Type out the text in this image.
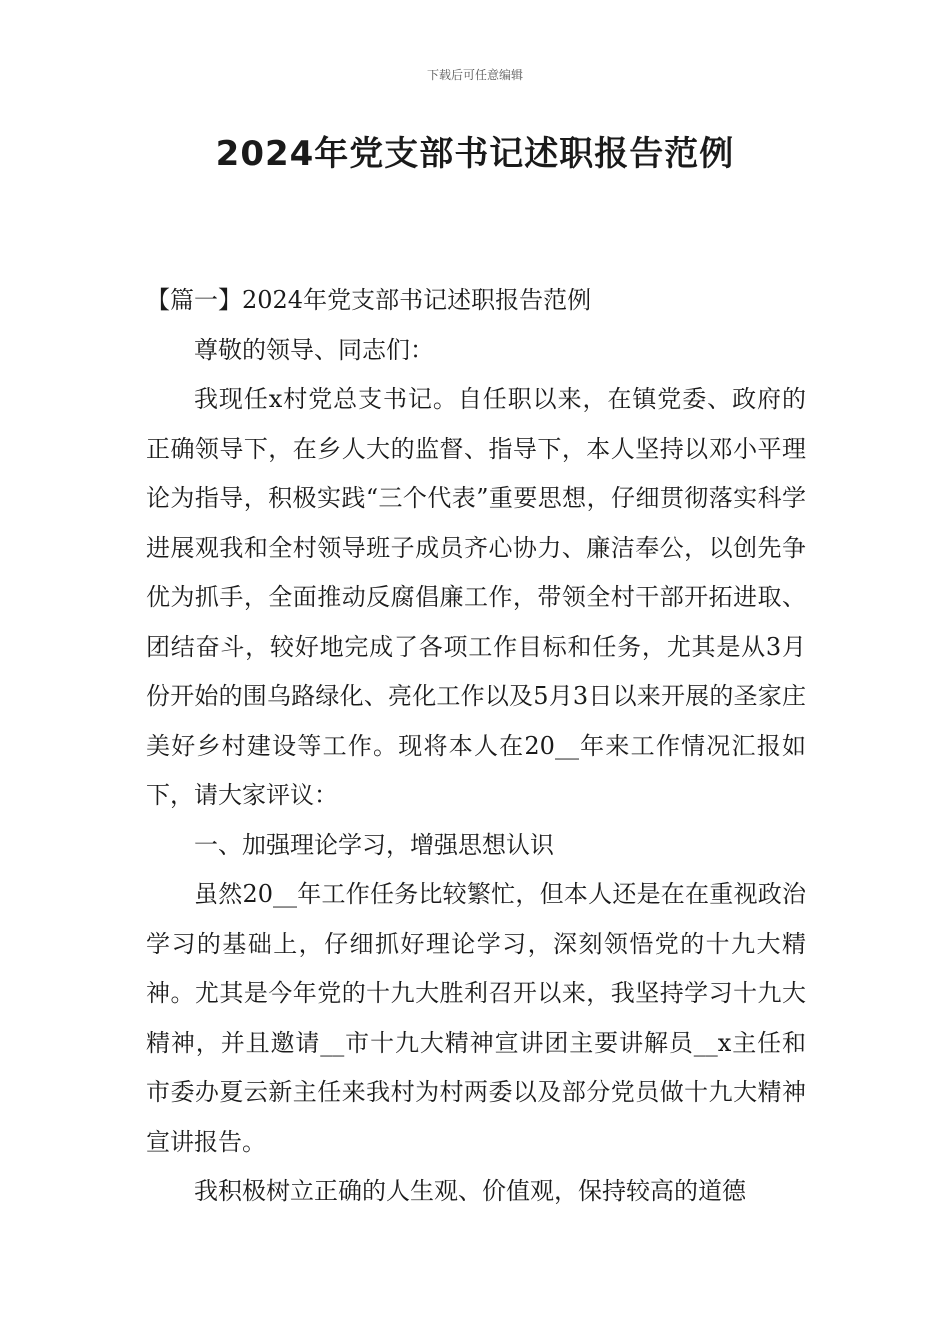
下载后可任意编辑
2024年党支部书记述职报告范例

【篇一】2024年党支部书记述职报告范例

尊敬的领导、同志们：

我现任x村党总支书记。自任职以来，在镇党委、政府的正确领导下，在乡人大的监督、指导下，本人坚持以邓小平理论为指导，积极实践“三个代表”重要思想，仔细贯彻落实科学进展观我和全村领导班子成员齐心协力、廉洁奉公，以创先争优为抓手，全面推动反腐倡廉工作，带领全村干部开拓进取、团结奋斗，较好地完成了各项工作目标和任务，尤其是从3月份开始的围乌路绿化、亮化工作以及5月3日以来开展的圣家庄美好乡村建设等工作。现将本人在20__年来工作情况汇报如下，请大家评议：

一、加强理论学习，增强思想认识

虽然20__年工作任务比较繁忙，但本人还是在在重视政治学习的基础上，仔细抓好理论学习，深刻领悟党的十九大精神。尤其是今年党的十九大胜利召开以来，我坚持学习十九大精神，并且邀请__市十九大精神宣讲团主要讲解员__x主任和市委办夏云新主任来我村为村两委以及部分党员做十九大精神宣讲报告。

我积极树立正确的人生观、价值观，保持较高的道德
